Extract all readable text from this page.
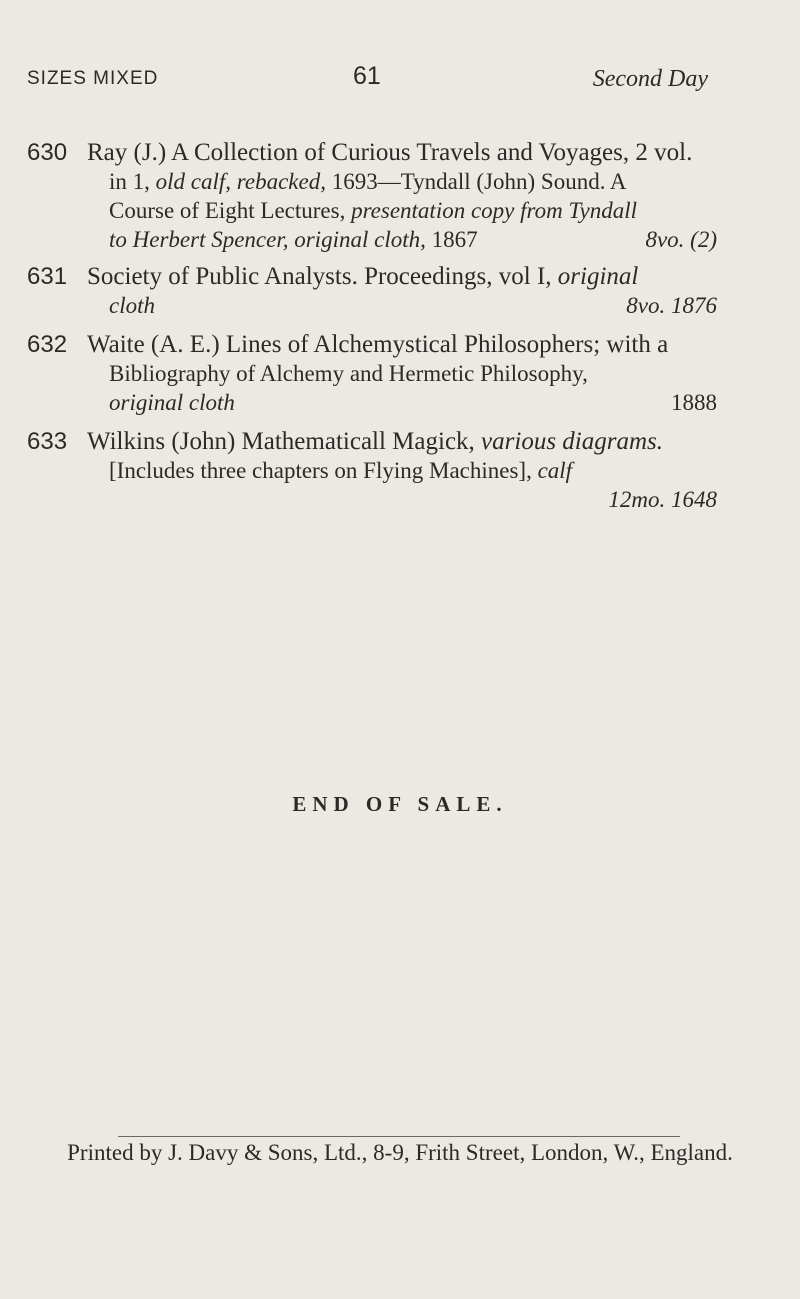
SIZES MIXED	61	Second Day
630 Ray (J.) A Collection of Curious Travels and Voyages, 2 vol.
in 1, old calf, rebacked, 1693—Tyndall (John) Sound. A
Course of Eight Lectures, presentation copy from Tyndall
to Herbert Spencer, original cloth, 1867	8vo. (2)
631 Society of Public Analysts. Proceedings, vol I, original
cloth	8vo. 1876
632 Waite (A. E.) Lines of Alchemystical Philosophers; with a
Bibliography of Alchemy and Hermetic Philosophy,
original cloth	1888
633 Wilkins (John) Mathematicall Magick, various diagrams.
[Includes three chapters on Flying Machines], calf
12mo. 1648
END OF SALE.
Printed by J. Davy & Sons, Ltd., 8-9, Frith Street, London, W., England.
